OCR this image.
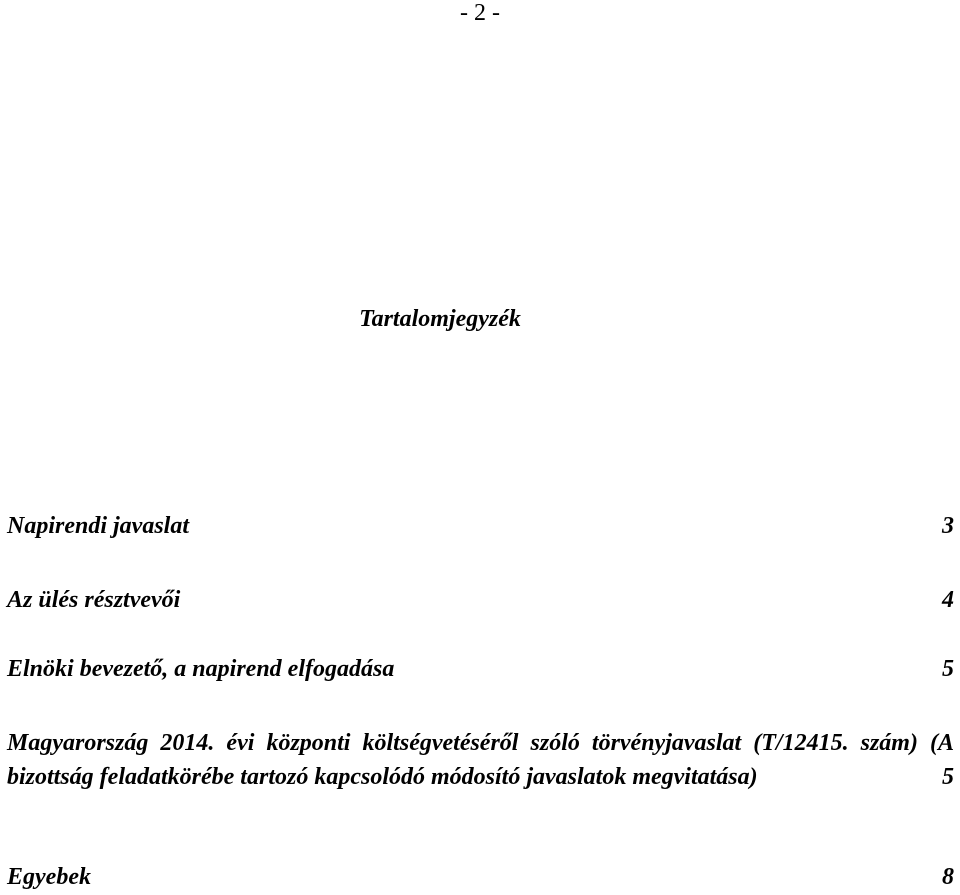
- 2 -
Tartalomjegyzék
Napirendi javaslat	3
Az ülés résztvevői	4
Elnöki bevezető, a napirend elfogadása	5
Magyarország 2014. évi központi költségvetéséről szóló törvényjavaslat (T/12415. szám) (A bizottság feladatkörébe tartozó kapcsolódó módosító javaslatok megvitatása)	5
Egyebek	8
